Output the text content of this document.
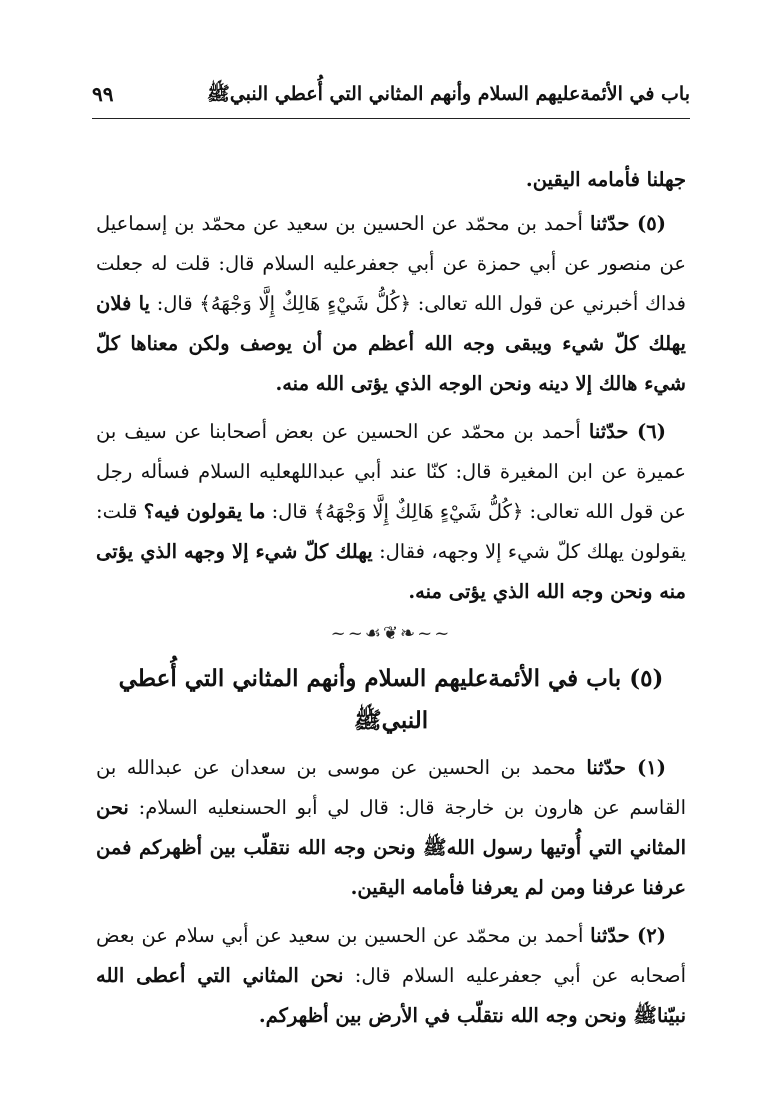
باب في الأئمةعليهم السلام وأنهم المثاني التي أُعطي النبيﷺ
٩٩

جهلنا فأمامه اليقين.

(٥) حدّثنا أحمد بن محمّد عن الحسين بن سعيد عن محمّد بن إسماعيل عن منصور عن أبي حمزة عن أبي جعفرعليه السلام قال: قلت له جعلت فداك أخبرني عن قول الله تعالى: ﴿كُلُّ شَيْءٍ هَالِكٌ إِلَّا وَجْهَهُ﴾ قال: يا فلان يهلك كلّ شيء ويبقى وجه الله أعظم من أن يوصف ولكن معناها كلّ شيء هالك إلا دينه ونحن الوجه الذي يؤتى الله منه.

(٦) حدّثنا أحمد بن محمّد عن الحسين عن بعض أصحابنا عن سيف بن عميرة عن ابن المغيرة قال: كنّا عند أبي عبداللهعليه السلام فسأله رجل عن قول الله تعالى: ﴿كُلُّ شَيْءٍ هَالِكٌ إِلَّا وَجْهَهُ﴾ قال: ما يقولون فيه؟ قلت: يقولون يهلك كلّ شيء إلا وجهه، فقال: يهلك كلّ شيء إلا وجهه الذي يؤتى منه ونحن وجه الله الذي يؤتى منه.

~~❧❦☙~~
(٥) باب في الأئمةعليهم السلام وأنهم المثاني التي أُعطي النبيﷺ

(١) حدّثنا محمد بن الحسين عن موسى بن سعدان عن عبدالله بن القاسم عن هارون بن خارجة قال: قال لي أبو الحسنعليه السلام: نحن المثاني التي أُوتيها رسول اللهﷺ ونحن وجه الله نتقلّب بين أظهركم فمن عرفنا عرفنا ومن لم يعرفنا فأمامه اليقين.

(٢) حدّثنا أحمد بن محمّد عن الحسين بن سعيد عن أبي سلام عن بعض أصحابه عن أبي جعفرعليه السلام قال: نحن المثاني التي أعطى الله نبيّناﷺ ونحن وجه الله نتقلّب في الأرض بين أظهركم.
